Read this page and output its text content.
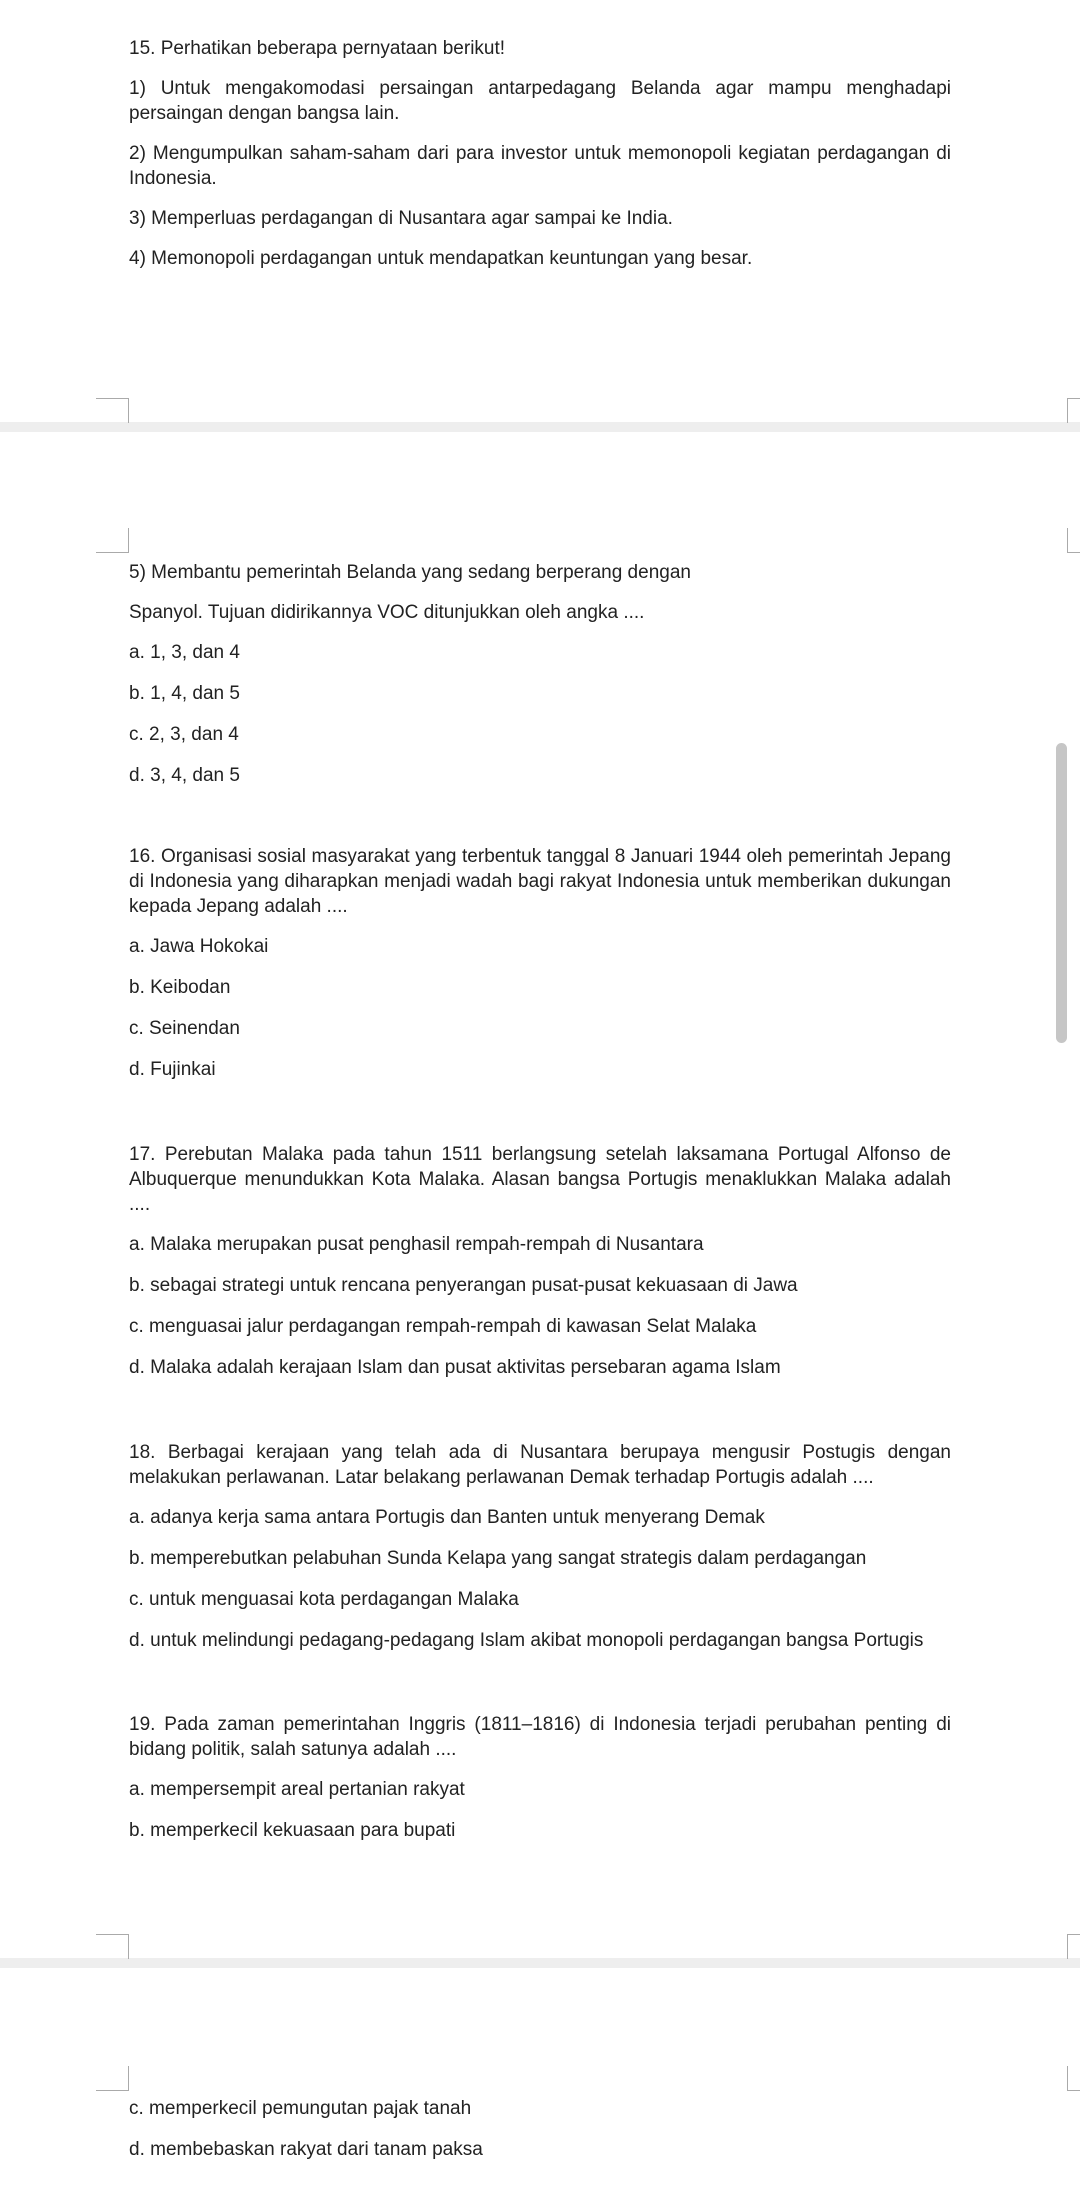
15. Perhatikan beberapa pernyataan berikut!

1) Untuk mengakomodasi persaingan antarpedagang Belanda agar mampu menghadapi persaingan dengan bangsa lain.

2) Mengumpulkan saham-saham dari para investor untuk memonopoli kegiatan perdagangan di Indonesia.

3) Memperluas perdagangan di Nusantara agar sampai ke India.

4) Memonopoli perdagangan untuk mendapatkan keuntungan yang besar.

5) Membantu pemerintah Belanda yang sedang berperang dengan

Spanyol. Tujuan didirikannya VOC ditunjukkan oleh angka ....

a. 1, 3, dan 4

b. 1, 4, dan 5

c. 2, 3, dan 4

d. 3, 4, dan 5

16. Organisasi sosial masyarakat yang terbentuk tanggal 8 Januari 1944 oleh pemerintah Jepang di Indonesia yang diharapkan menjadi wadah bagi rakyat Indonesia untuk memberikan dukungan kepada Jepang adalah ....

a. Jawa Hokokai

b. Keibodan

c. Seinendan

d. Fujinkai

17. Perebutan Malaka pada tahun 1511 berlangsung setelah laksamana Portugal Alfonso de Albuquerque menundukkan Kota Malaka. Alasan bangsa Portugis menaklukkan Malaka adalah ....

a. Malaka merupakan pusat penghasil rempah-rempah di Nusantara

b. sebagai strategi untuk rencana penyerangan pusat-pusat kekuasaan di Jawa

c. menguasai jalur perdagangan rempah-rempah di kawasan Selat Malaka

d. Malaka adalah kerajaan Islam dan pusat aktivitas persebaran agama Islam

18. Berbagai kerajaan yang telah ada di Nusantara berupaya mengusir Postugis dengan melakukan perlawanan. Latar belakang perlawanan Demak terhadap Portugis adalah ....

a. adanya kerja sama antara Portugis dan Banten untuk menyerang Demak

b. memperebutkan pelabuhan Sunda Kelapa yang sangat strategis dalam perdagangan

c. untuk menguasai kota perdagangan Malaka

d. untuk melindungi pedagang-pedagang Islam akibat monopoli perdagangan bangsa Portugis

19. Pada zaman pemerintahan Inggris (1811–1816) di Indonesia terjadi perubahan penting di bidang politik, salah satunya adalah ....

a. mempersempit areal pertanian rakyat

b. memperkecil kekuasaan para bupati

c. memperkecil pemungutan pajak tanah

d. membebaskan rakyat dari tanam paksa
